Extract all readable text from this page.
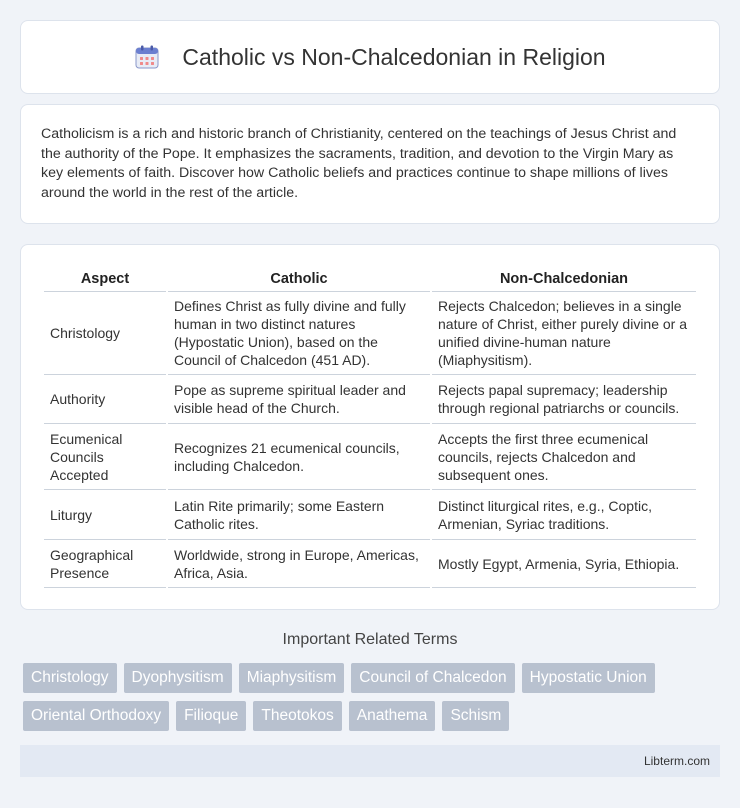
Catholic vs Non-Chalcedonian in Religion

Catholicism is a rich and historic branch of Christianity, centered on the teachings of Jesus Christ and the authority of the Pope. It emphasizes the sacraments, tradition, and devotion to the Virgin Mary as key elements of faith. Discover how Catholic beliefs and practices continue to shape millions of lives around the world in the rest of the article.

Aspect	Catholic	Non-Chalcedonian
Christology	Defines Christ as fully divine and fully human in two distinct natures (Hypostatic Union), based on the Council of Chalcedon (451 AD).	Rejects Chalcedon; believes in a single nature of Christ, either purely divine or a unified divine-human nature (Miaphysitism).
Authority	Pope as supreme spiritual leader and visible head of the Church.	Rejects papal supremacy; leadership through regional patriarchs or councils.
Ecumenical Councils Accepted	Recognizes 21 ecumenical councils, including Chalcedon.	Accepts the first three ecumenical councils, rejects Chalcedon and subsequent ones.
Liturgy	Latin Rite primarily; some Eastern Catholic rites.	Distinct liturgical rites, e.g., Coptic, Armenian, Syriac traditions.
Geographical Presence	Worldwide, strong in Europe, Americas, Africa, Asia.	Mostly Egypt, Armenia, Syria, Ethiopia.
Important Related Terms
Christology	Dyophysitism	Miaphysitism	Council of Chalcedon	Hypostatic Union
Oriental Orthodoxy	Filioque	Theotokos	Anathema	Schism
Libterm.com
